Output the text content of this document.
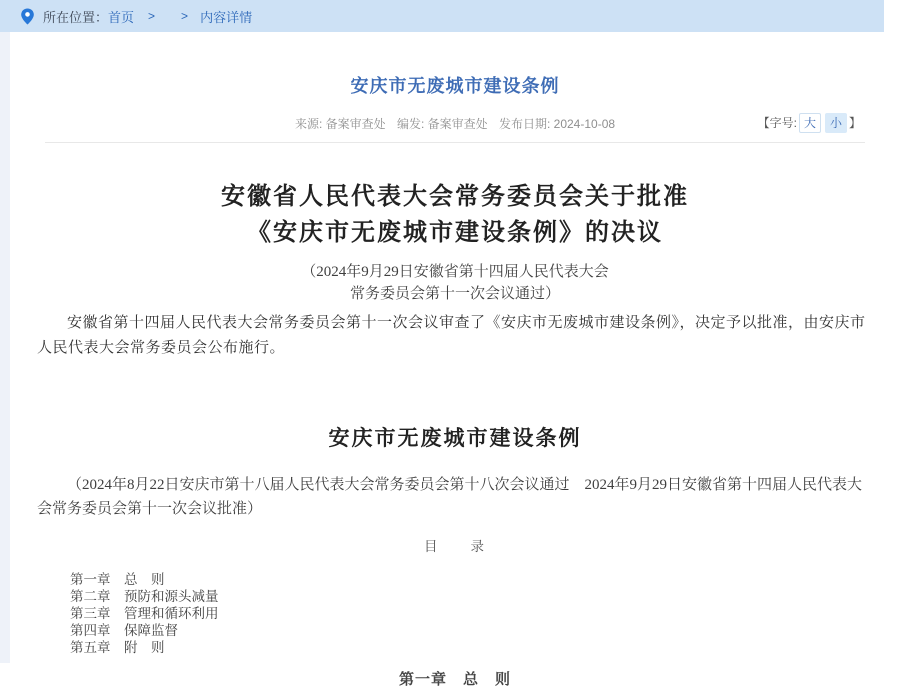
所在位置： 首页 > > 内容详情
安庆市无废城市建设条例
来源: 备案审查处 编发: 备案审查处 发布日期: 2024-10-08	【字号: 大	小 】
安徽省人民代表大会常务委员会关于批准
《安庆市无废城市建设条例》的决议
（2024年9月29日安徽省第十四届人民代表大会
常务委员会第十一次会议通过）

安徽省第十四届人民代表大会常务委员会第十一次会议审查了《安庆市无废城市建设条例》，决定予以批准，由安庆市人民代表大会常务委员会公布施行。

安庆市无废城市建设条例

（2024年8月22日安庆市第十八届人民代表大会常务委员会第十八次会议通过　2024年9月29日安徽省第十四届人民代表大会常务委员会第十一次会议批准）

目　　录
第一章　总　则
第二章　预防和源头减量
第三章　管理和循环利用
第四章　保障监督
第五章　附　则
第一章　总　则
